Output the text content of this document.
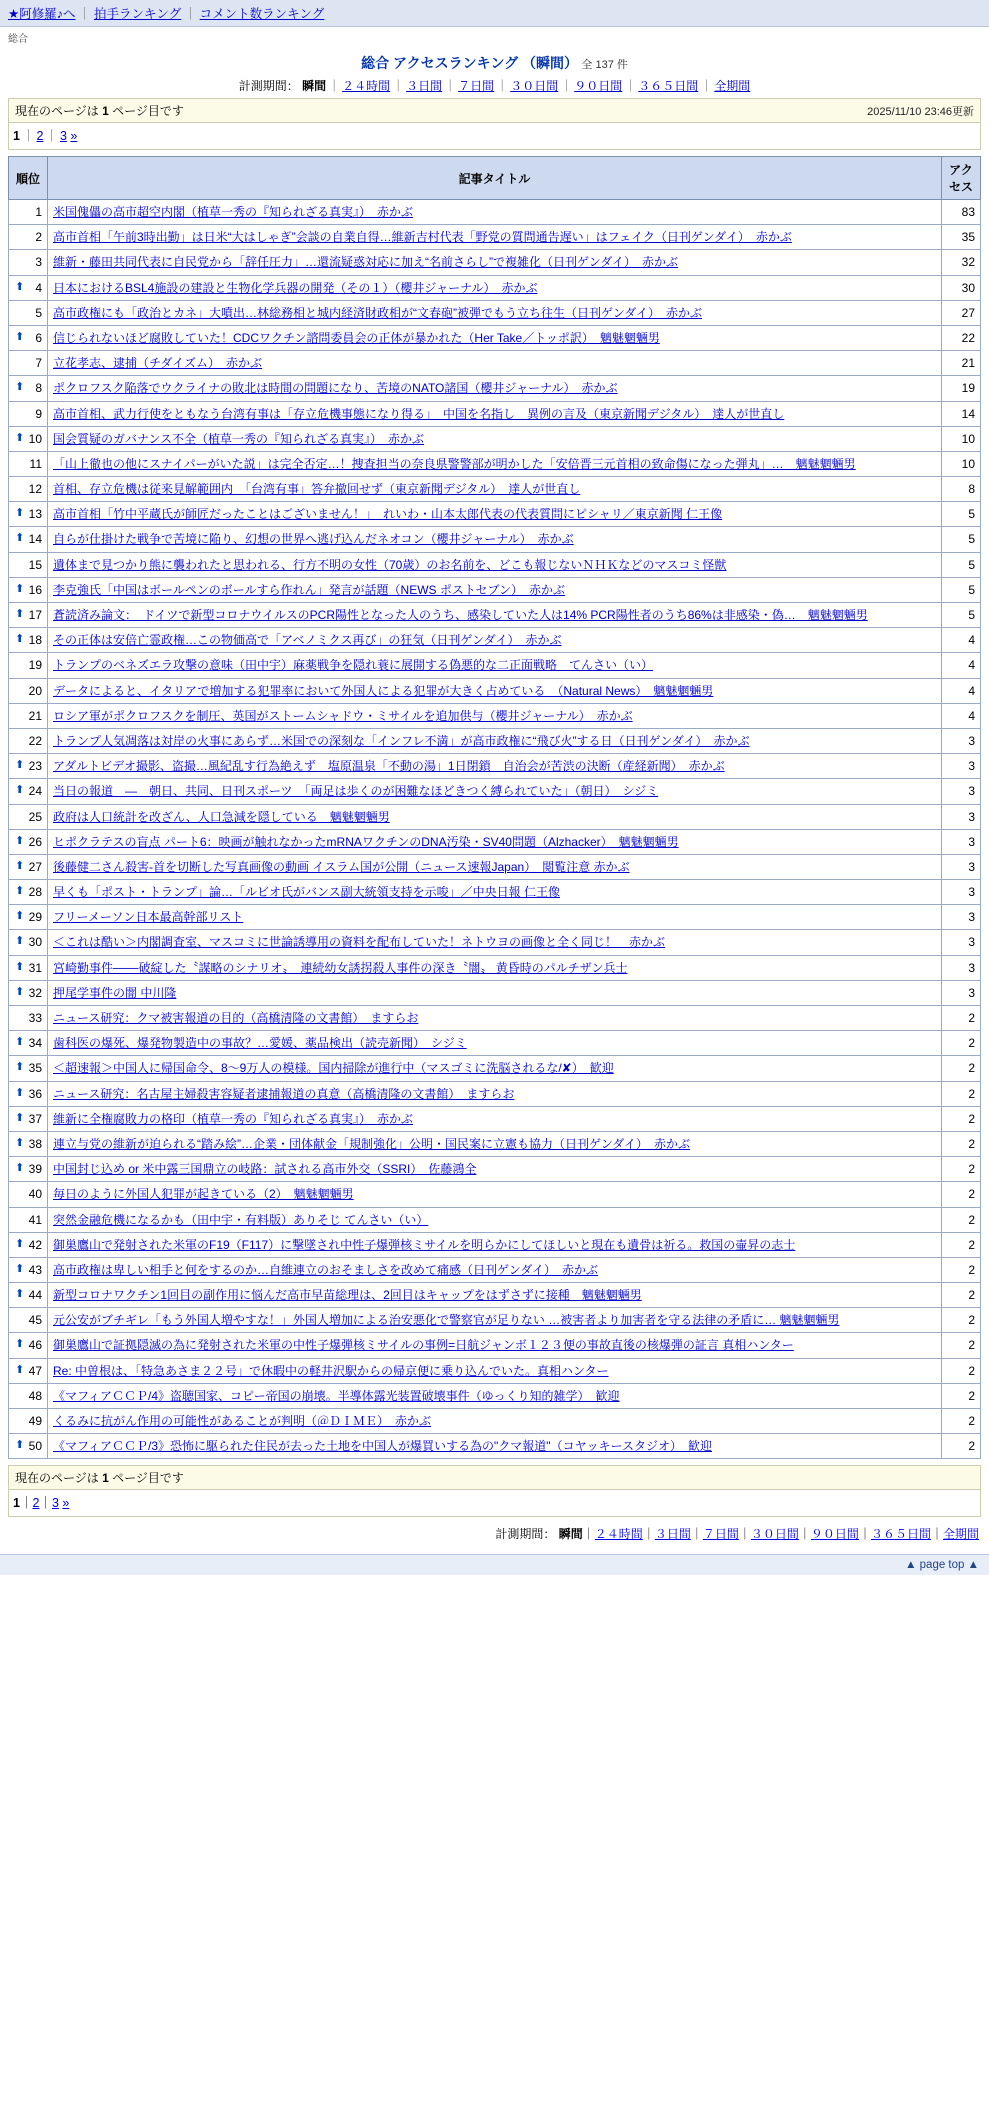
★阿修羅♪へ ｜ 拍手ランキング ｜ コメント数ランキング
総合
総合 アクセスランキング （瞬間） 全 137 件
計測期間： 瞬間 ｜ ２４時間 ｜ ３日間 ｜ ７日間 ｜ ３０日間 ｜ ９０日間 ｜ ３６５日間 ｜ 全期間
現在のページは 1 ページ目です	2025/11/10 23:46更新
1 ｜ 2 ｜ 3 »
順位	記事タイトル	アクセス
1	米国傀儡の高市超空内閣（植草一秀の『知られざる真実』）　赤かぶ	83
2	高市首相「午前3時出勤」は日米“大はしゃぎ”会談の自業自得…維新吉村代表「野党の質問通告遅い」はフェイク（日刊ゲンダイ）　赤かぶ	35
3	維新・藤田共同代表に自民党から「辞任圧力」…還流疑惑対応に加え“名前さらし”で複雑化（日刊ゲンダイ）　赤かぶ	32

⬆ 4	日本におけるBSL4施設の建設と生物化学兵器の開発（その１）（櫻井ジャーナル）　赤かぶ	30
5	高市政権にも「政治とカネ」大噴出…林総務相と城内経済財政相が“文春砲”被弾でもう立ち往生（日刊ゲンダイ）　赤かぶ	27

⬆ 6	信じられないほど腐敗していた！CDCワクチン諮問委員会の正体が暴かれた（Her Take／トッポ訳）　魑魅魍魎男	22
7	立花孝志、逮捕（チダイズム）　赤かぶ	21

⬆ 8	ポクロフスク陥落でウクライナの敗北は時間の問題になり、苦境のNATO諸国（櫻井ジャーナル）　赤かぶ	19
9	高市首相、武力行使をともなう台湾有事は「存立危機事態になり得る」　中国を名指し　異例の言及（東京新聞デジタル）　達人が世直し	14

⬆ 10	国会質疑のガバナンス不全（植草一秀の『知られざる真実』）　赤かぶ	10
11	「山上徹也の他にスナイパーがいた説」は完全否定…！捜査担当の奈良県警警部が明かした「安倍晋三元首相の致命傷になった弾丸」…　魑魅魍魎男	10
12	首相、存立危機は従来見解範囲内　「台湾有事」答弁撤回せず（東京新聞デジタル）　達人が世直し	8

⬆ 13	高市首相「竹中平蔵氏が師匠だったことはございません！」　れいわ・山本太郎代表の代表質問にピシャリ／東京新聞 仁王像	5

⬆ 14	自らが仕掛けた戦争で苦境に陥り、幻想の世界へ逃げ込んだネオコン（櫻井ジャーナル）　赤かぶ	5
15	遺体まで見つかり熊に襲われたと思われる、行方不明の女性（70歳）のお名前を、どこも報じないＮＨＫなどのマスコミ怪獣	5

⬆ 16	李克強氏「中国はボールペンのボールすら作れん」発言が話題（NEWS ポストセブン）　赤かぶ	5

⬆ 17	蒼読済み論文：　ドイツで新型コロナウイルスのPCR陽性となった人のうち、感染していた人は14% PCR陽性者のうち86%は非感染・偽…　魑魅魍魎男	5

⬆ 18	その正体は安倍亡霊政権…この物価高で「アベノミクス再び」の狂気（日刊ゲンダイ）　赤かぶ	4
19	トランプのベネズエラ攻撃の意味（田中宇）麻薬戦争を隠れ蓑に展開する偽悪的な二正面戦略　てんさい（い）	4
20	データによると、イタリアで増加する犯罪率において外国人による犯罪が大きく占めている　（Natural News）　魑魅魍魎男	4
21	ロシア軍がポクロフスクを制圧、英国がストームシャドウ・ミサイルを追加供与（櫻井ジャーナル）　赤かぶ	4
22	トランプ人気凋落は対岸の火事にあらず…米国での深刻な「インフレ不満」が高市政権に“飛び火”する日（日刊ゲンダイ）　赤かぶ	3

⬆ 23	アダルトビデオ撮影、盗撮…風紀乱す行為絶えず　塩原温泉「不動の湯」1日閉鎖　自治会が苦渋の決断（産経新聞）　赤かぶ	3

⬆ 24	当日の報道　―　朝日、共同、日刊スポーツ　「両足は歩くのが困難なほどきつく縛られていた」（朝日）　シジミ	3
25	政府は人口統計を改ざん、人口急減を隠している　魑魅魍魎男	3

⬆ 26	ヒポクラテスの盲点 パート6：映画が触れなかったmRNAワクチンのDNA汚染・SV40問題（Alzhacker）　魑魅魍魎男	3

⬆ 27	後藤健二さん殺害-首を切断した写真画像の動画 イスラム国が公開（ニュース速報Japan）　閲覧注意 赤かぶ	3

⬆ 28	早くも「ポスト・トランプ」論…「ルビオ氏がバンス副大統領支持を示唆」／中央日報 仁王像	3

⬆ 29	フリーメーソン日本最高幹部リスト	3

⬆ 30	＜これは酷い＞内閣調査室、マスコミに世論誘導用の資料を配布していた！ネトウヨの画像と全く同じ！　赤かぶ	3

⬆ 31	宮崎勤事件───破綻した〝謀略のシナリオ〟　連続幼女誘拐殺人事件の深き〝闇〟 黄昏時のパルチザン兵士	3

⬆ 32	押尾学事件の闇 中川隆	3
33	ニュース研究：クマ被害報道の目的（高橋清隆の文書館）　ますらお	2

⬆ 34	歯科医の爆死、爆発物製造中の事故？…愛媛、薬品検出（読売新聞）　シジミ	2

⬆ 35	＜超速報＞中国人に帰国命令、8～9万人の模様。国内掃除が進行中（マスゴミに洗脳されるな/✘）　歓迎	2

⬆ 36	ニュース研究：名古屋主婦殺害容疑者逮捕報道の真意（高橋清隆の文書館）　ますらお	2

⬆ 37	維新に全権腐敗力の格印（植草一秀の『知られざる真実』）　赤かぶ	2

⬆ 38	連立与党の維新が迫られる“踏み絵”…企業・団体献金「規制強化」公明・国民案に立憲も協力（日刊ゲンダイ）　赤かぶ	2

⬆ 39	中国封じ込め or 米中露三国鼎立の岐路：試される高市外交（SSRI）　佐藤鴻全	2
40	毎日のように外国人犯罪が起きている（2）　魑魅魍魎男	2
41	突然金融危機になるかも（田中宇・有料版）ありそじ てんさい（い）	2

⬆ 42	御巣鷹山で発射された米軍のF19（F117）に撃墜され中性子爆弾核ミサイルを明らかにしてほしいと現在も遺骨は祈る。救国の壷昇の志士	2

⬆ 43	高市政権は卑しい相手と何をするのか…自維連立のおそましさを改めて痛感（日刊ゲンダイ）　赤かぶ	2

⬆ 44	新型コロナワクチン1回目の副作用に悩んだ高市早苗総理は、2回目はキャップをはずさずに接種　魑魅魍魎男	2
45	元公安がブチギレ「もう外国人増やすな！」外国人増加による治安悪化で警察官が足りない …被害者より加害者を守る法律の矛盾に… 魑魅魍魎男	2

⬆ 46	御巣鷹山で証拠隠滅の為に発射された米軍の中性子爆弾核ミサイルの事例=日航ジャンボ１２３便の事故直後の核爆弾の証言 真相ハンター	2

⬆ 47	Re: 中曽根は、「特急あさま２２号」で休暇中の軽井沢駅からの帰京便に乗り込んでいた。真相ハンター	2
48	《マフィアＣＣＰ/4》盗聴国家、コピー帝国の崩壊。半導体露光装置破壊事件（ゆっくり知的雑学）　歓迎	2
49	くるみに抗がん作用の可能性があることが判明（＠ＤＩＭＥ）　赤かぶ	2

⬆ 50	《マフィアＣＣＰ/3》恐怖に駆られた住民が去った土地を中国人が爆買いする為の"クマ報道"（コヤッキースタジオ）　歓迎	2
現在のページは 1 ページ目です
1｜2｜3 »
計測期間： 瞬間｜２４時間｜３日間｜７日間｜３０日間｜９０日間｜３６５日間｜全期間
▲ page top ▲
